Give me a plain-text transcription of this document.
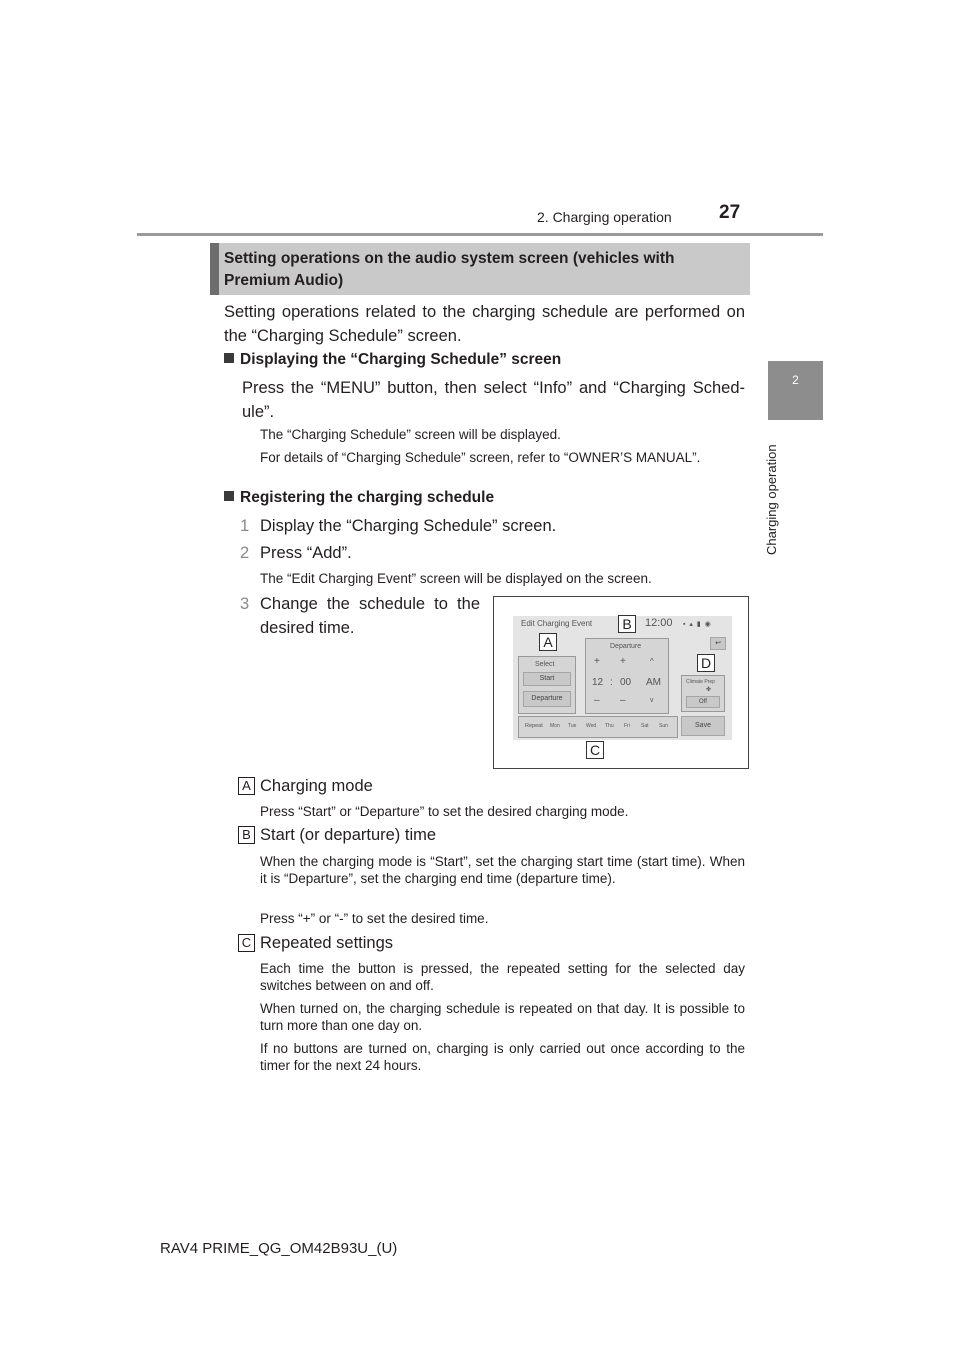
2. Charging operation 27
2
Charging operation
Setting operations on the audio system screen (vehicles with Premium Audio)
Setting operations related to the charging schedule are performed on the “Charging Schedule” screen.
Displaying the “Charging Schedule” screen
Press the “MENU” button, then select “Info” and “Charging Sched-ule”.
The “Charging Schedule” screen will be displayed.
For details of “Charging Schedule” screen, refer to “OWNER’S MANUAL”.
Registering the charging schedule
1 Display the “Charging Schedule” screen.
2 Press “Add”.
The “Edit Charging Event” screen will be displayed on the screen.
3 Change the schedule to the desired time.	Edit Charging Event	12:00 ▪ ▴ ▮ ◉
↩
Select
Start
Departure
Departure
+ +	^
12 : 00 AM
– –	v
Climate Prep
✤
Off
Repeat Mon Tue Wed Thu Fri Sat Sun	Save
A
B
D
C
A Charging mode
Press “Start” or “Departure” to set the desired charging mode.
B Start (or departure) time
When the charging mode is “Start”, set the charging start time (start time). When it is “Departure”, set the charging end time (departure time).
Press “+” or “-” to set the desired time.
C Repeated settings
Each time the button is pressed, the repeated setting for the selected day switches between on and off.
When turned on, the charging schedule is repeated on that day. It is possible to turn more than one day on.
If no buttons are turned on, charging is only carried out once according to the timer for the next 24 hours.
RAV4 PRIME_QG_OM42B93U_(U)
